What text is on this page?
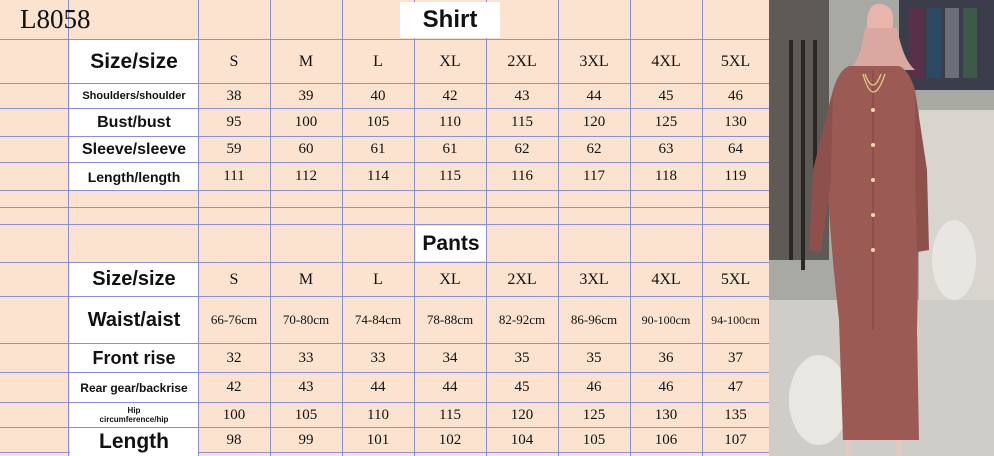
L8058	Shirt
Size/size	S	M	L	XL	2XL	3XL	4XL	5XL
Shoulders/shoulder	38	39	40	42	43	44	45	46
Bust/bust	95	100	105	110	115	120	125	130
Sleeve/sleeve	59	60	61	61	62	62	63	64
Length/length	111	112	114	115	116	117	118	119
Pants
Size/size	S	M	L	XL	2XL	3XL	4XL	5XL
Waist/aist	66-76cm	70-80cm	74-84cm	78-88cm	82-92cm	86-96cm	90-100cm	94-100cm
Front rise	32	33	33	34	35	35	36	37
Rear gear/backrise	42	43	44	44	45	46	46	47
Hip
circumference/hip	100	105	110	115	120	125	130	135
Length	98	99	101	102	104	105	106	107
